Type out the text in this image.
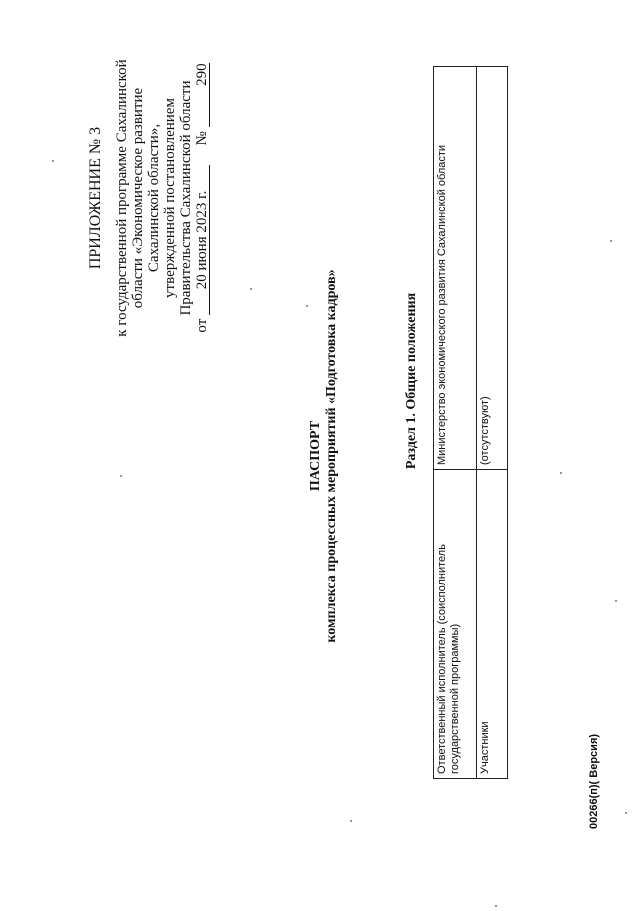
ПРИЛОЖЕНИЕ № 3 к государственной программе Сахалинской области «Экономическое развитие Сахалинской области», утвержденной постановлением Правительства Сахалинской области
от 20 июня 2023 г.  № 290
ПАСПОРТ комплекса процессных мероприятий «Подготовка кадров»	Раздел 1. Общие положения
Ответственный исполнитель (соисполнитель государственной программы)	Министерство экономического развития Сахалинской области
Участники	(отсутствуют)
00266(п)( Версия)
